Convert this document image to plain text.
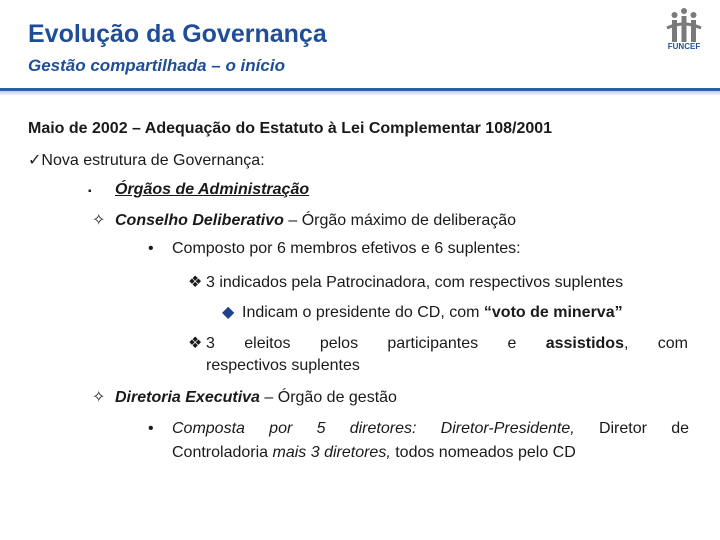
Evolução da Governança
Gestão compartilhada – o início
FUNCEF
Maio de 2002 – Adequação do Estatuto à Lei Complementar 108/2001
✓Nova estrutura de Governança:
▪ Órgãos de Administração
✧ Conselho Deliberativo – Órgão máximo de deliberação
• Composto por 6 membros efetivos e 6 suplentes:
❖ 3 indicados pela Patrocinadora, com respectivos suplentes
◆ Indicam o presidente do CD, com “voto de minerva”
❖ 3 eleitos pelos participantes e assistidos, com
respectivos suplentes
✧ Diretoria Executiva – Órgão de gestão
• Composta por 5 diretores: Diretor-Presidente, Diretor de
Controladoria mais 3 diretores, todos nomeados pelo CD
